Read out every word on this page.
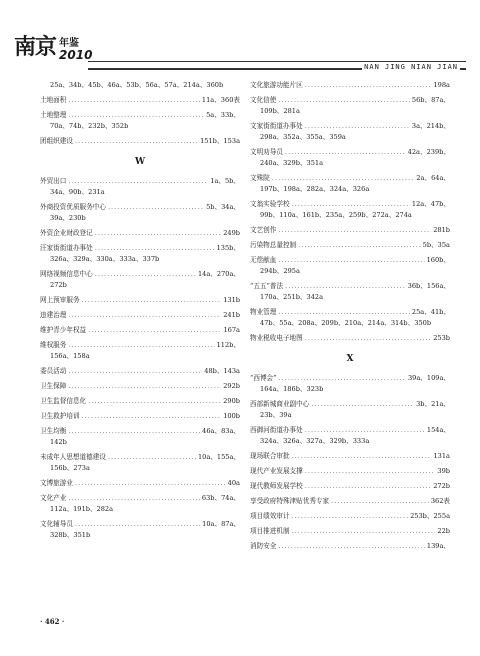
南京 年鉴
2010
NAN JING NIAN JIAN
25a、34b、45b、46a、53b、56a、57a、214a、360b
土地面积 .....	11a、360表
土地整理 .....	5a、33b、
70a、74b、232b、352b
团组织建设 .....	151b、153a
W
外贸出口 .....	1a、5b、
34a、90b、231a
外商投资优质服务中心 .....	5b、34a、
39a、230b
外资企业财政登记 .....	249b
汪家街街道办事处 .....	135b、
326a、329a、330a、333a、337b
网络视频信息中心 .....	14a、270a、
272b
网上预审服务 .....	131b
违建治理 .....	241b
维护青少年权益 .....	167a
维权服务 .....	112b、
156a、158a
委员活动 .....	48b、143a
卫生保障 .....	292b
卫生监督信息化 .....	290b
卫生救护培训 .....	100b
卫生均衡 .....	46a、83a、
142b
未成年人思想道德建设 .....	10a、155a、
156b、273a
文博旅游业 .....	40a
文化产业 .....	63b、74a、
112a、191b、282a
文化辅导员 .....	10a、87a、
328b、351b
文化旅游功能片区 .....	198a
文化信使 .....	56b、87a、
109b、281a
文家街街道办事处 .....	3a、214b、
298a、352a、355a、359a
文明劝导员 .....	42a、239b、
240a、329b、351a
文殊院 .....	2a、64a、
197b、198a、282a、324a、326a
文翁实验学校 .....	12a、47b、
99b、110a、161b、235a、259b、272a、274a
文艺创作 .....	281b
污染物总量控制 .....	5b、35a
无偿献血 .....	160b、
294b、295a
“五五”普法 .....	36b、156a、
170a、251b、342a
物业管理 .....	25a、41b、
47b、55a、208a、209b、210a、214a、314b、350b
物业税收电子地图 .....	253b
X
“西博会” .....	39a、109a、
164a、186b、323b
西部新城商业副中心 .....	3b、21a、
23b、39a
西御河街道办事处 .....	154a、
324a、326a、327a、329b、333a
现场联合审批 .....	131a
现代产业发展支撑 .....	39b
现代教师发展学校 .....	272b
享受政府特殊津贴优秀专家 .....	362表
项目绩效审计 .....	253b、255a
项目推进机制 .....	22b
消防安全 .....	139a、
· 462 ·
